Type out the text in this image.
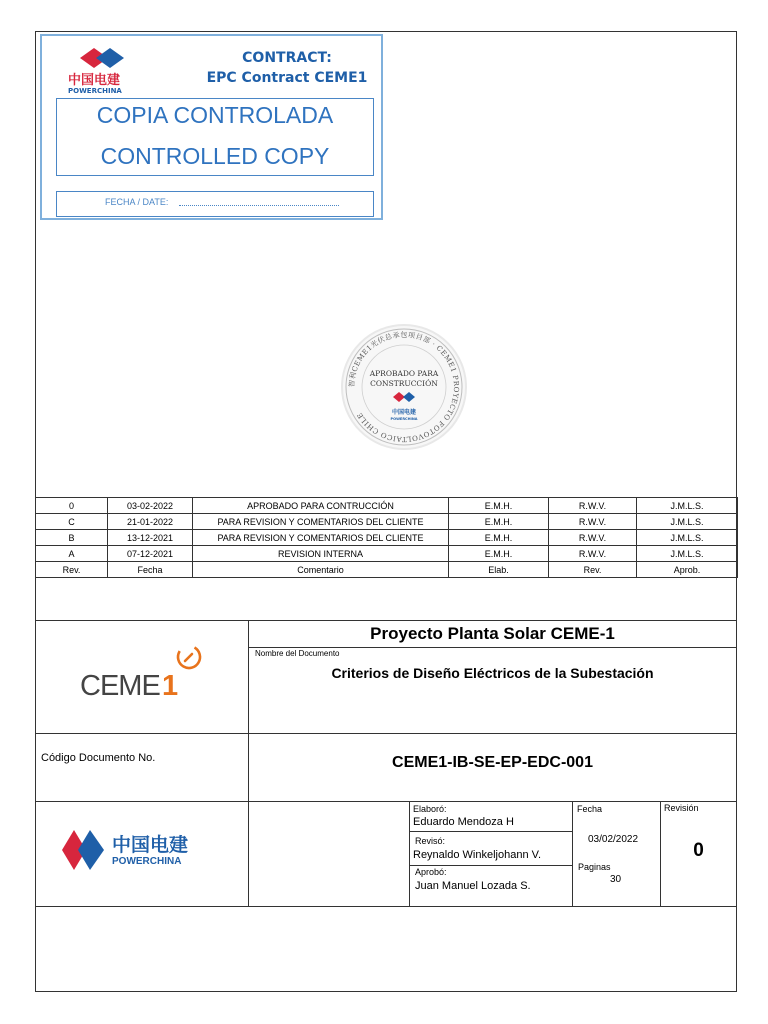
中国电建
POWERCHINA
CONTRACT:
EPC Contract CEME1
COPIA CONTROLADA
CONTROLLED COPY
FECHA / DATE:
智利CEME1光伏总承包项目部 · CEME1 PROYECTO FOTOVOLTAICO CHILE
APROBADO PARA
CONSTRUCCIÓN
中国电建
POWERCHINA
0	03-02-2022	APROBADO PARA CONTRUCCIÓN	E.M.H.	R.W.V.	J.M.L.S.
C	21-01-2022	PARA REVISION Y COMENTARIOS DEL CLIENTE	E.M.H.	R.W.V.	J.M.L.S.
B	13-12-2021	PARA REVISION Y COMENTARIOS DEL CLIENTE	E.M.H.	R.W.V.	J.M.L.S.
A	07-12-2021	REVISION INTERNA	E.M.H.	R.W.V.	J.M.L.S.
Rev.	Fecha	Comentario	Elab.	Rev.	Aprob.
Proyecto Planta Solar CEME-1
Nombre del Documento
Criterios de Diseño Eléctricos de la Subestación
CEME 1
Código Documento No.	CEME1-IB-SE-EP-EDC-001
中国电建
POWERCHINA
Elaboró:
Eduardo Mendoza H
Revisó:
Reynaldo Winkeljohann V.
Aprobó:
Juan Manuel Lozada S.
Fecha
03/02/2022
Paginas
30
Revisión
0
